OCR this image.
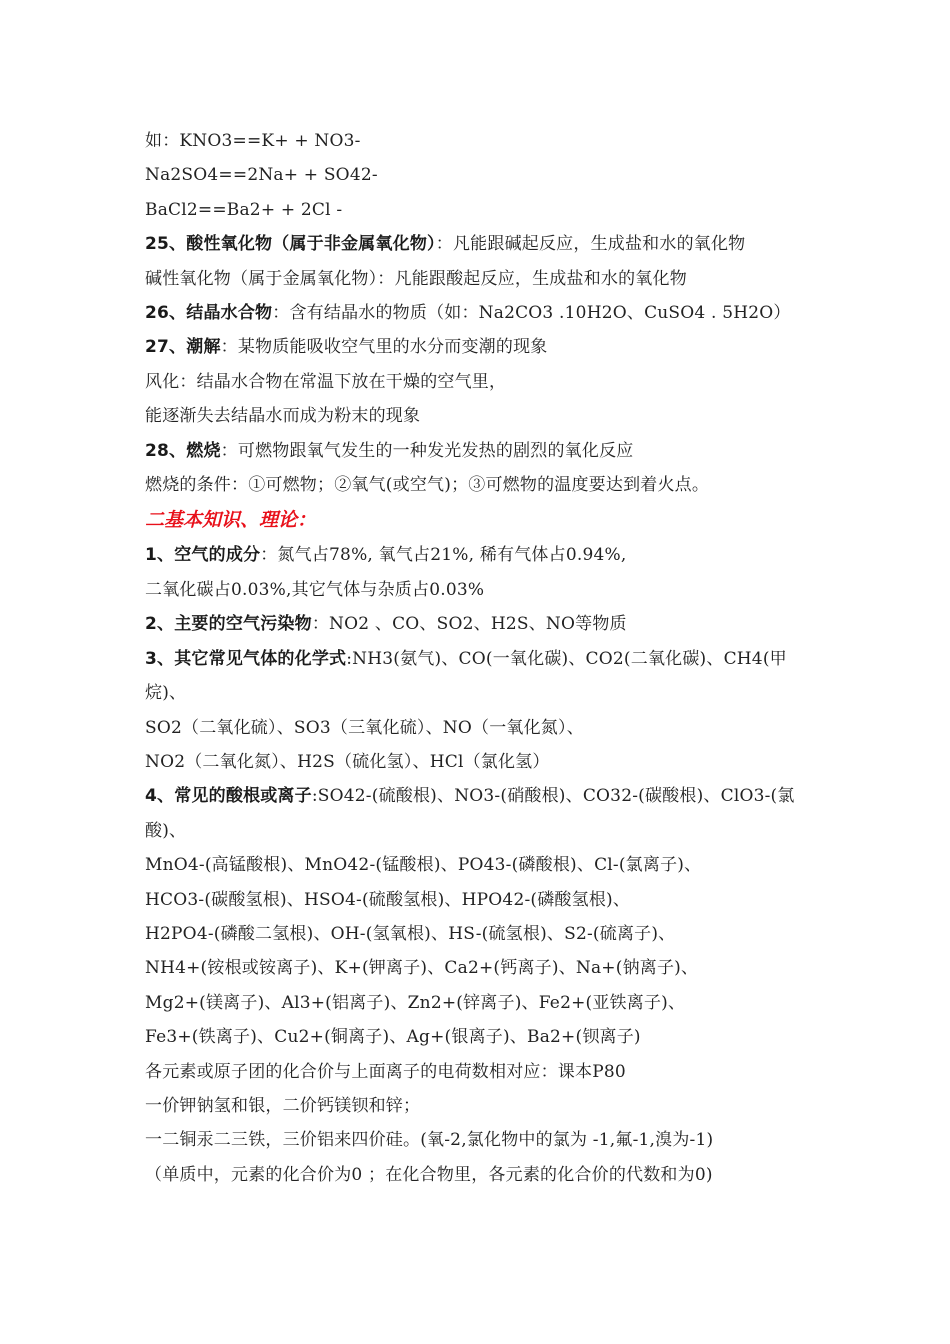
如：KNO3==K+ + NO3-
Na2SO4==2Na+ + SO42-
BaCl2==Ba2+ + 2Cl -
25、酸性氧化物（属于非金属氧化物）：凡能跟碱起反应，生成盐和水的氧化物
碱性氧化物（属于金属氧化物）：凡能跟酸起反应，生成盐和水的氧化物
26、结晶水合物：含有结晶水的物质（如：Na2CO3 .10H2O、CuSO4 . 5H2O）
27、潮解：某物质能吸收空气里的水分而变潮的现象
风化：结晶水合物在常温下放在干燥的空气里，
能逐渐失去结晶水而成为粉末的现象
28、燃烧：可燃物跟氧气发生的一种发光发热的剧烈的氧化反应
燃烧的条件：①可燃物；②氧气(或空气)；③可燃物的温度要达到着火点。
二基本知识、理论：
1、空气的成分：氮气占78%, 氧气占21%, 稀有气体占0.94%,
二氧化碳占0.03%,其它气体与杂质占0.03%
2、主要的空气污染物：NO2 、CO、SO2、H2S、NO等物质
3、其它常见气体的化学式:NH3(氨气)、CO(一氧化碳)、CO2(二氧化碳)、CH4(甲烷)、
SO2（二氧化硫）、SO3（三氧化硫）、NO（一氧化氮）、
NO2（二氧化氮）、H2S（硫化氢）、HCl（氯化氢）
4、常见的酸根或离子:SO42-(硫酸根)、NO3-(硝酸根)、CO32-(碳酸根)、ClO3-(氯酸)、
MnO4-(高锰酸根)、MnO42-(锰酸根)、PO43-(磷酸根)、Cl-(氯离子)、
HCO3-(碳酸氢根)、HSO4-(硫酸氢根)、HPO42-(磷酸氢根)、
H2PO4-(磷酸二氢根)、OH-(氢氧根)、HS-(硫氢根)、S2-(硫离子)、
NH4+(铵根或铵离子)、K+(钾离子)、Ca2+(钙离子)、Na+(钠离子)、
Mg2+(镁离子)、Al3+(铝离子)、Zn2+(锌离子)、Fe2+(亚铁离子)、
Fe3+(铁离子)、Cu2+(铜离子)、Ag+(银离子)、Ba2+(钡离子)
各元素或原子团的化合价与上面离子的电荷数相对应：课本P80
一价钾钠氢和银，二价钙镁钡和锌；
一二铜汞二三铁，三价铝来四价硅。(氧-2,氯化物中的氯为 -1,氟-1,溴为-1)
（单质中，元素的化合价为0 ；在化合物里，各元素的化合价的代数和为0)
